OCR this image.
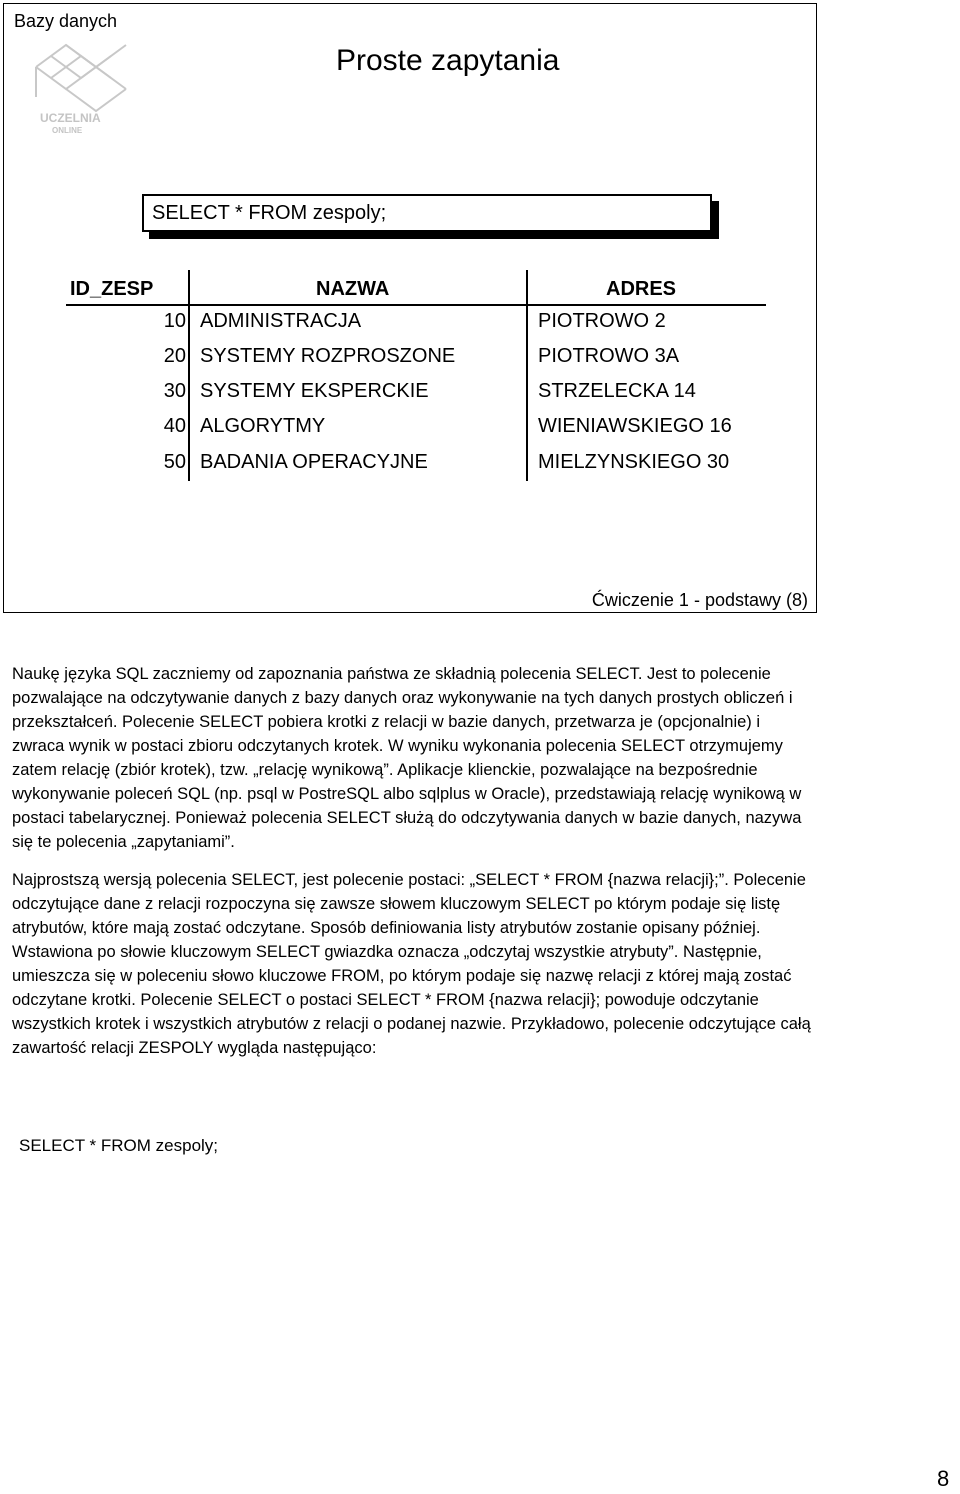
Bazy danych
UCZELNIA
ONLINE
Proste zapytania
SELECT * FROM zespoly;
ID_ZESP	NAZWA	ADRES
10 ADMINISTRACJA	PIOTROWO 2
20 SYSTEMY ROZPROSZONE	PIOTROWO 3A
30 SYSTEMY EKSPERCKIE	STRZELECKA 14
40 ALGORYTMY	WIENIAWSKIEGO 16
50 BADANIA OPERACYJNE	MIELZYNSKIEGO 30
Ćwiczenie 1 - podstawy (8)

Naukę języka SQL zaczniemy od zapoznania państwa ze składnią polecenia SELECT. Jest to polecenie pozwalające na odczytywanie danych z bazy danych oraz wykonywanie na tych danych prostych obliczeń i przekształceń. Polecenie SELECT pobiera krotki z relacji w bazie danych, przetwarza je (opcjonalnie) i zwraca wynik w postaci zbioru odczytanych krotek. W wyniku wykonania polecenia SELECT otrzymujemy zatem relację (zbiór krotek), tzw. „relację wynikową”. Aplikacje klienckie, pozwalające na bezpośrednie wykonywanie poleceń SQL (np. psql w PostreSQL albo sqlplus w Oracle), przedstawiają relację wynikową w postaci tabelarycznej. Ponieważ polecenia SELECT służą do odczytywania danych w bazie danych, nazywa się te polecenia „zapytaniami”.

Najprostszą wersją polecenia SELECT, jest polecenie postaci: „SELECT * FROM {nazwa relacji};”. Polecenie odczytujące dane z relacji rozpoczyna się zawsze słowem kluczowym SELECT po którym podaje się listę atrybutów, które mają zostać odczytane. Sposób definiowania listy atrybutów zostanie opisany później. Wstawiona po słowie kluczowym SELECT gwiazdka oznacza „odczytaj wszystkie atrybuty”. Następnie, umieszcza się w poleceniu słowo kluczowe FROM, po którym podaje się nazwę relacji z której mają zostać odczytane krotki. Polecenie SELECT o postaci SELECT * FROM {nazwa relacji}; powoduje odczytanie wszystkich krotek i wszystkich atrybutów z relacji o podanej nazwie. Przykładowo, polecenie odczytujące całą zawartość relacji ZESPOLY wygląda następująco:

SELECT * FROM zespoly;
8
